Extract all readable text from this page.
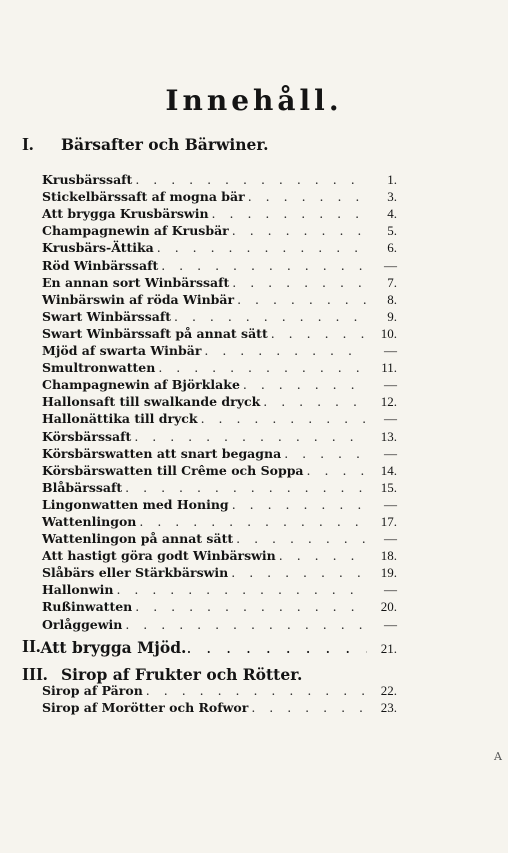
Innehåll.
I. Bärsafter och Bärwiner.
Krusbärssaft . . .	1.
Stickelbärssaft af mogna bär . . .	3.
Att brygga Krusbärswin . . .	4.
Champagnewin af Krusbär . . .	5.
Krusbärs-Ättika . . .	6.
Röd Winbärssaft . . .	—
En annan sort Winbärssaft . . .	7.
Winbärswin af röda Winbär . . .	8.
Swart Winbärssaft . . .	9.
Swart Winbärssaft på annat sätt . . .	10.
Mjöd af swarta Winbär . . .	—
Smultronwatten . . .	11.
Champagnewin af Björklake . . .	—
Hallonsaft till swalkande dryck . . .	12.
Hallonättika till dryck . . .	—
Körsbärssaft . . .	13.
Körsbärswatten att snart begagna . . .	—
Körsbärswatten till Crême och Soppa . . .	14.
Blåbärssaft . . .	15.
Lingonwatten med Honing . . .	—
Wattenlingon . . .	17.
Wattenlingon på annat sätt . . .	—
Att hastigt göra godt Winbärswin . . .	18.
Slåbärs eller Stärkbärswin . . .	19.
Hallonwin . . .	—
Rußinwatten . . .	20.
Orlåggewin . . .	—
II. Att brygga Mjöd. . . .	21.
III. Sirop af Frukter och Rötter.
Sirop af Päron . . .	22.
Sirop af Morötter och Rofwor . . .	23.
A
